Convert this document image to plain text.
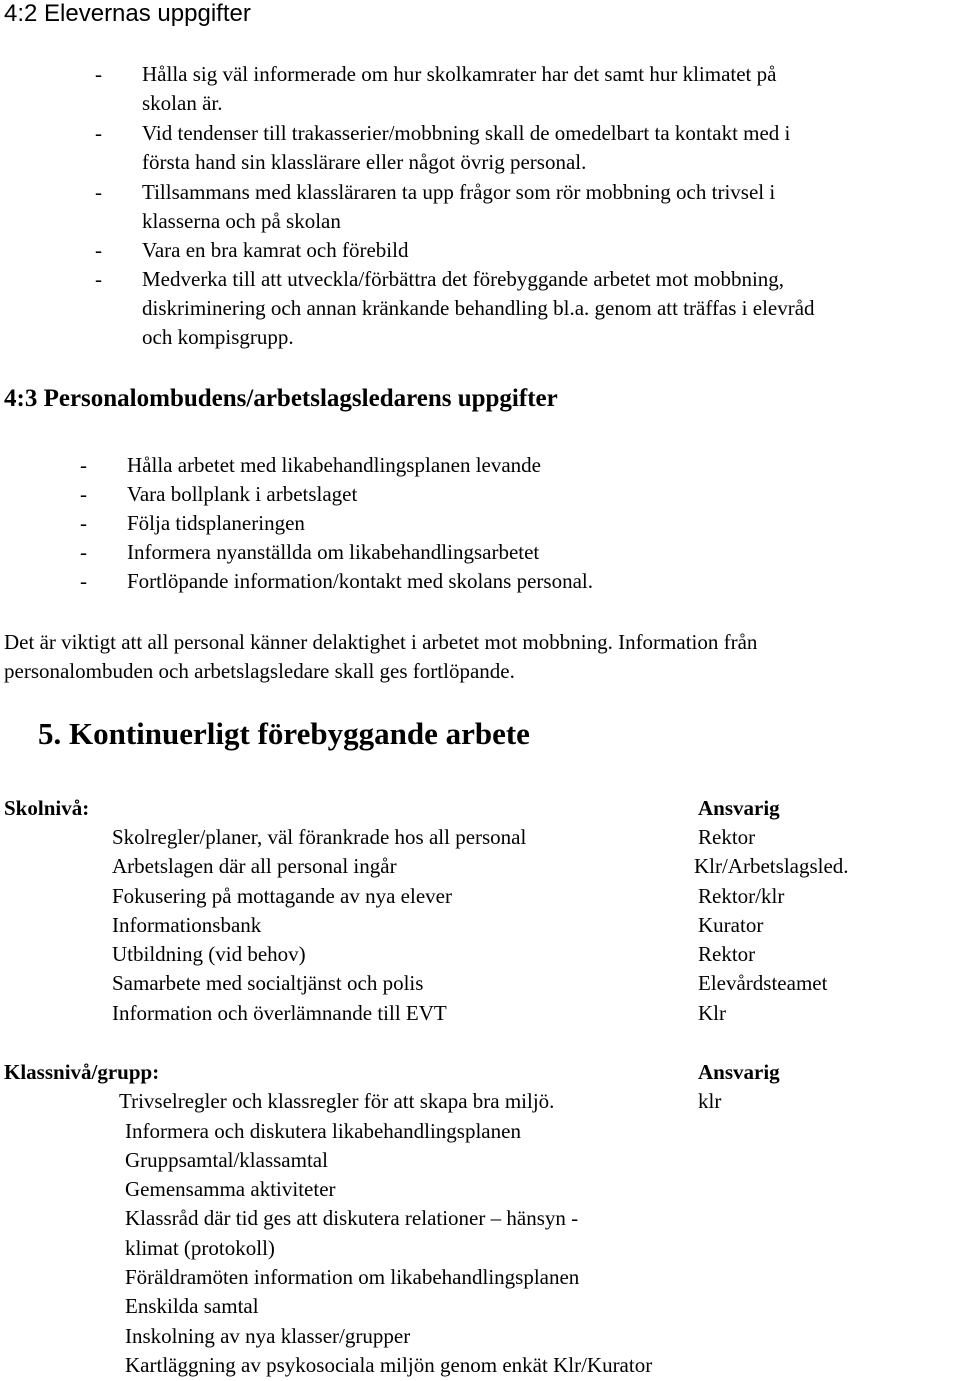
4:2 Elevernas uppgifter
- Hålla sig väl informerade om hur skolkamrater har det samt hur klimatet på
skolan är.
- Vid tendenser till trakasserier/mobbning skall de omedelbart ta kontakt med i
första hand sin klasslärare eller något övrig personal.
- Tillsammans med klassläraren ta upp frågor som rör mobbning och trivsel i
klasserna och på skolan
- Vara en bra kamrat och förebild
- Medverka till att utveckla/förbättra det förebyggande arbetet mot mobbning,
diskriminering och annan kränkande behandling bl.a. genom att träffas i elevråd
och kompisgrupp.
4:3 Personalombudens/arbetslagsledarens uppgifter
- Hålla arbetet med likabehandlingsplanen levande
- Vara bollplank i arbetslaget
- Följa tidsplaneringen
- Informera nyanställda om likabehandlingsarbetet
- Fortlöpande information/kontakt med skolans personal.
Det är viktigt att all personal känner delaktighet i arbetet mot mobbning. Information från
personalombuden och arbetslagsledare skall ges fortlöpande.
5. Kontinuerligt förebyggande arbete
Skolnivå:	Ansvarig
Skolregler/planer, väl förankrade hos all personal	Rektor
Arbetslagen där all personal ingår	Klr/Arbetslagsled.
Fokusering på mottagande av nya elever	Rektor/klr
Informationsbank	Kurator
Utbildning (vid behov)	Rektor
Samarbete med socialtjänst och polis	Elevårdsteamet
Information och överlämnande till EVT	Klr
Klassnivå/grupp:	Ansvarig
Trivselregler och klassregler för att skapa bra miljö.	klr
Informera och diskutera likabehandlingsplanen
Gruppsamtal/klassamtal
Gemensamma aktiviteter
Klassråd där tid ges att diskutera relationer – hänsyn -
klimat (protokoll)
Föräldramöten information om likabehandlingsplanen
Enskilda samtal
Inskolning av nya klasser/grupper
Kartläggning av psykosociala miljön genom enkät Klr/Kurator
